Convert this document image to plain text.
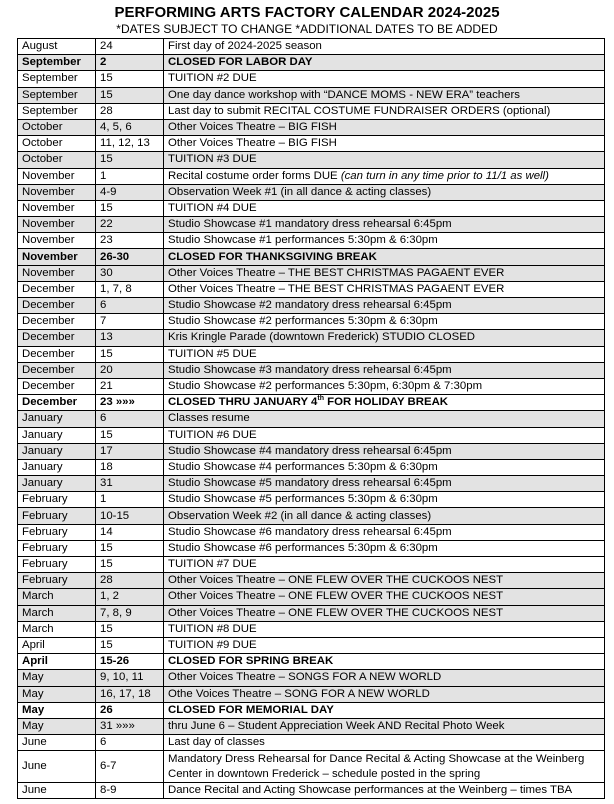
PERFORMING ARTS FACTORY CALENDAR 2024-2025
*DATES SUBJECT TO CHANGE *ADDITIONAL DATES TO BE ADDED
August	24	First day of 2024-2025 season
September	2	CLOSED FOR LABOR DAY
September	15	TUITION #2 DUE
September	15	One day dance workshop with “DANCE MOMS - NEW ERA” teachers
September	28	Last day to submit RECITAL COSTUME FUNDRAISER ORDERS (optional)
October	4, 5, 6	Other Voices Theatre – BIG FISH
October	11, 12, 13	Other Voices Theatre – BIG FISH
October	15	TUITION #3 DUE
November	1	Recital costume order forms DUE (can turn in any time prior to 11/1 as well)
November	4-9	Observation Week #1 (in all dance & acting classes)
November	15	TUITION #4 DUE
November	22	Studio Showcase #1 mandatory dress rehearsal 6:45pm
November	23	Studio Showcase #1 performances 5:30pm & 6:30pm
November	26-30	CLOSED FOR THANKSGIVING BREAK
November	30	Other Voices Theatre – THE BEST CHRISTMAS PAGAENT EVER
December	1, 7, 8	Other Voices Theatre – THE BEST CHRISTMAS PAGAENT EVER
December	6	Studio Showcase #2 mandatory dress rehearsal 6:45pm
December	7	Studio Showcase #2 performances 5:30pm & 6:30pm
December	13	Kris Kringle Parade (downtown Frederick) STUDIO CLOSED
December	15	TUITION #5 DUE
December	20	Studio Showcase #3 mandatory dress rehearsal 6:45pm
December	21	Studio Showcase #2 performances 5:30pm, 6:30pm & 7:30pm
December	23 »»»	CLOSED THRU JANUARY 4th FOR HOLIDAY BREAK
January	6	Classes resume
January	15	TUITION #6 DUE
January	17	Studio Showcase #4 mandatory dress rehearsal 6:45pm
January	18	Studio Showcase #4 performances 5:30pm & 6:30pm
January	31	Studio Showcase #5 mandatory dress rehearsal 6:45pm
February	1	Studio Showcase #5 performances 5:30pm & 6:30pm
February	10-15	Observation Week #2 (in all dance & acting classes)
February	14	Studio Showcase #6 mandatory dress rehearsal 6:45pm
February	15	Studio Showcase #6 performances 5:30pm & 6:30pm
February	15	TUITION #7 DUE
February	28	Other Voices Theatre – ONE FLEW OVER THE CUCKOOS NEST
March	1, 2	Other Voices Theatre – ONE FLEW OVER THE CUCKOOS NEST
March	7, 8, 9	Other Voices Theatre – ONE FLEW OVER THE CUCKOOS NEST
March	15	TUITION #8 DUE
April	15	TUITION #9 DUE
April	15-26	CLOSED FOR SPRING BREAK
May	9, 10, 11	Other Voices Theatre – SONGS FOR A NEW WORLD
May	16, 17, 18	Othe Voices Theatre – SONG FOR A NEW WORLD
May	26	CLOSED FOR MEMORIAL DAY
May	31 »»»	thru June 6 – Student Appreciation Week AND Recital Photo Week
June	6	Last day of classes
June	6-7	Mandatory Dress Rehearsal for Dance Recital & Acting Showcase at the Weinberg Center in downtown Frederick – schedule posted in the spring
June	8-9	Dance Recital and Acting Showcase performances at the Weinberg – times TBA
